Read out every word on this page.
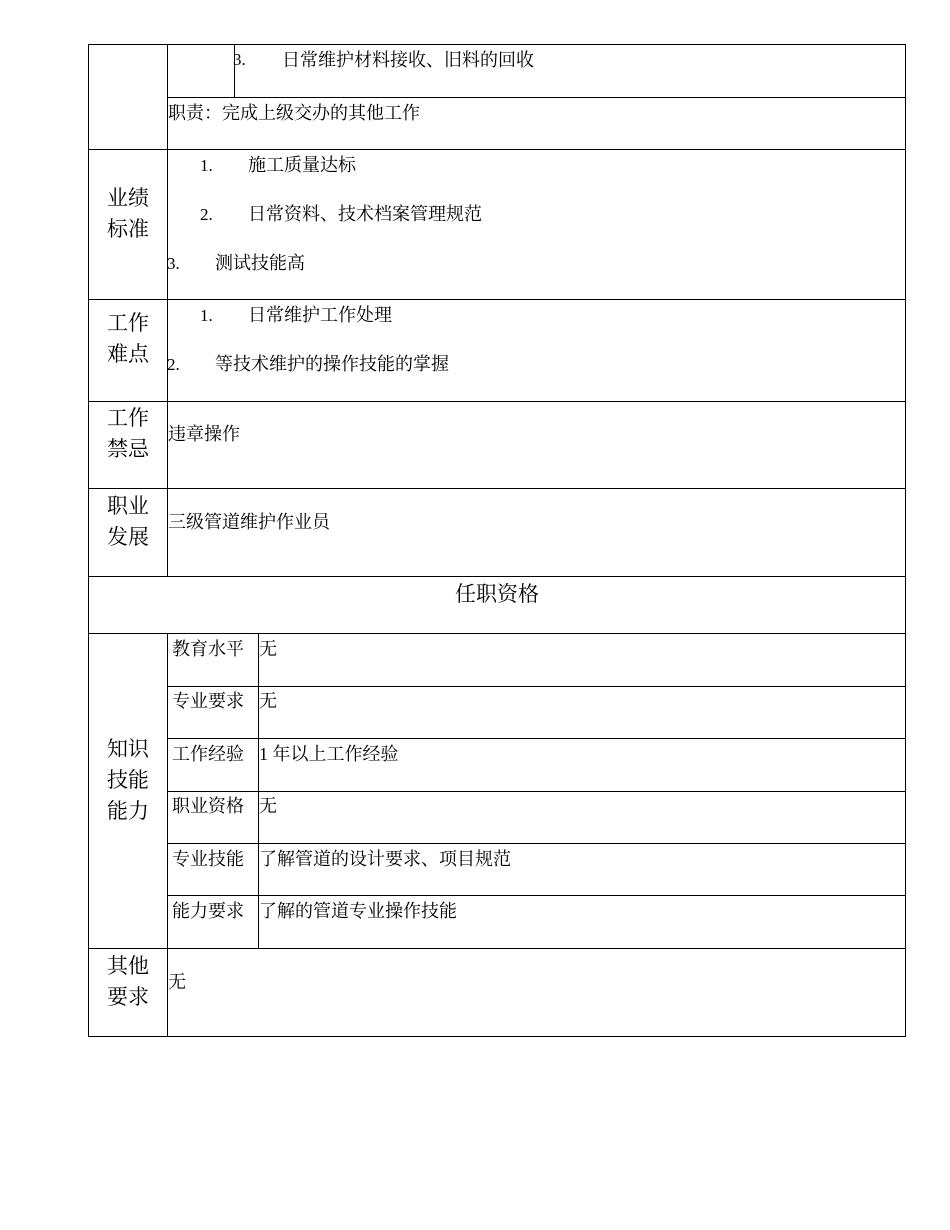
3. 日常维护材料接收、旧料的回收
职责：完成上级交办的其他工作
业绩
标准
1. 施工质量达标
2. 日常资料、技术档案管理规范
3. 测试技能高
工作
难点
1. 日常维护工作处理
2. 等技术维护的操作技能的掌握
工作
禁忌
违章操作
职业
发展
三级管道维护作业员
任职资格
知识
技能
能力
教育水平 无
专业要求 无
工作经验 1 年以上工作经验
职业资格 无
专业技能 了解管道的设计要求、项目规范
能力要求 了解的管道专业操作技能
其他
要求
无
